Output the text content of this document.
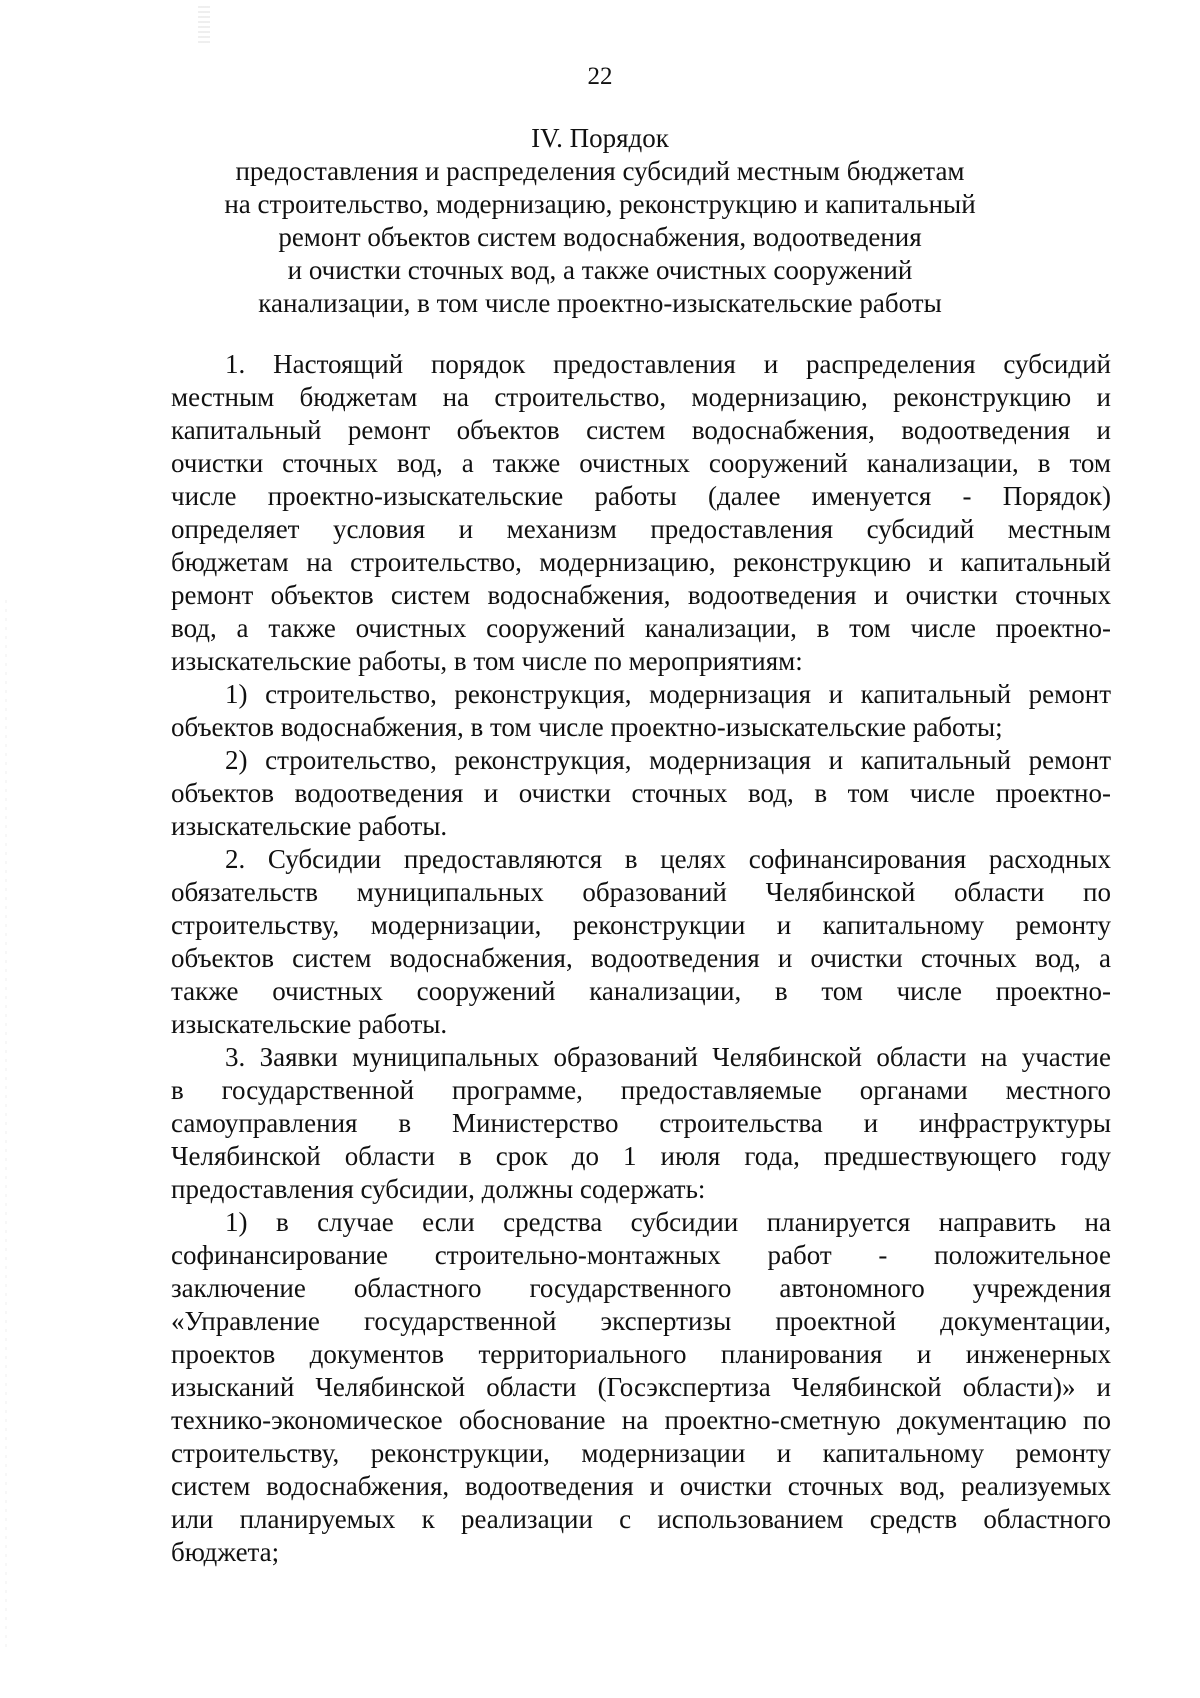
22
IV. Порядок
предоставления и распределения субсидий местным бюджетам
на строительство, модернизацию, реконструкцию и капитальный
ремонт объектов систем водоснабжения, водоотведения
и очистки сточных вод, а также очистных сооружений
канализации, в том числе проектно-изыскательские работы
1. Настоящий порядок предоставления и распределения субсидий
местным бюджетам на строительство, модернизацию, реконструкцию и
капитальный ремонт объектов систем водоснабжения, водоотведения и
очистки сточных вод, а также очистных сооружений канализации, в том
числе проектно-изыскательские работы (далее именуется - Порядок)
определяет условия и механизм предоставления субсидий местным
бюджетам на строительство, модернизацию, реконструкцию и капитальный
ремонт объектов систем водоснабжения, водоотведения и очистки сточных
вод, а также очистных сооружений канализации, в том числе проектно-
изыскательские работы, в том числе по мероприятиям:
1) строительство, реконструкция, модернизация и капитальный ремонт
объектов водоснабжения, в том числе проектно-изыскательские работы;
2) строительство, реконструкция, модернизация и капитальный ремонт
объектов водоотведения и очистки сточных вод, в том числе проектно-
изыскательские работы.
2. Субсидии предоставляются в целях софинансирования расходных
обязательств муниципальных образований Челябинской области по
строительству, модернизации, реконструкции и капитальному ремонту
объектов систем водоснабжения, водоотведения и очистки сточных вод, а
также очистных сооружений канализации, в том числе проектно-
изыскательские работы.
3. Заявки муниципальных образований Челябинской области на участие
в государственной программе, предоставляемые органами местного
самоуправления в Министерство строительства и инфраструктуры
Челябинской области в срок до 1 июля года, предшествующего году
предоставления субсидии, должны содержать:
1) в случае если средства субсидии планируется направить на
софинансирование строительно-монтажных работ - положительное
заключение областного государственного автономного учреждения
«Управление государственной экспертизы проектной документации,
проектов документов территориального планирования и инженерных
изысканий Челябинской области (Госэкспертиза Челябинской области)» и
технико-экономическое обоснование на проектно-сметную документацию по
строительству, реконструкции, модернизации и капитальному ремонту
систем водоснабжения, водоотведения и очистки сточных вод, реализуемых
или планируемых к реализации с использованием средств областного
бюджета;
